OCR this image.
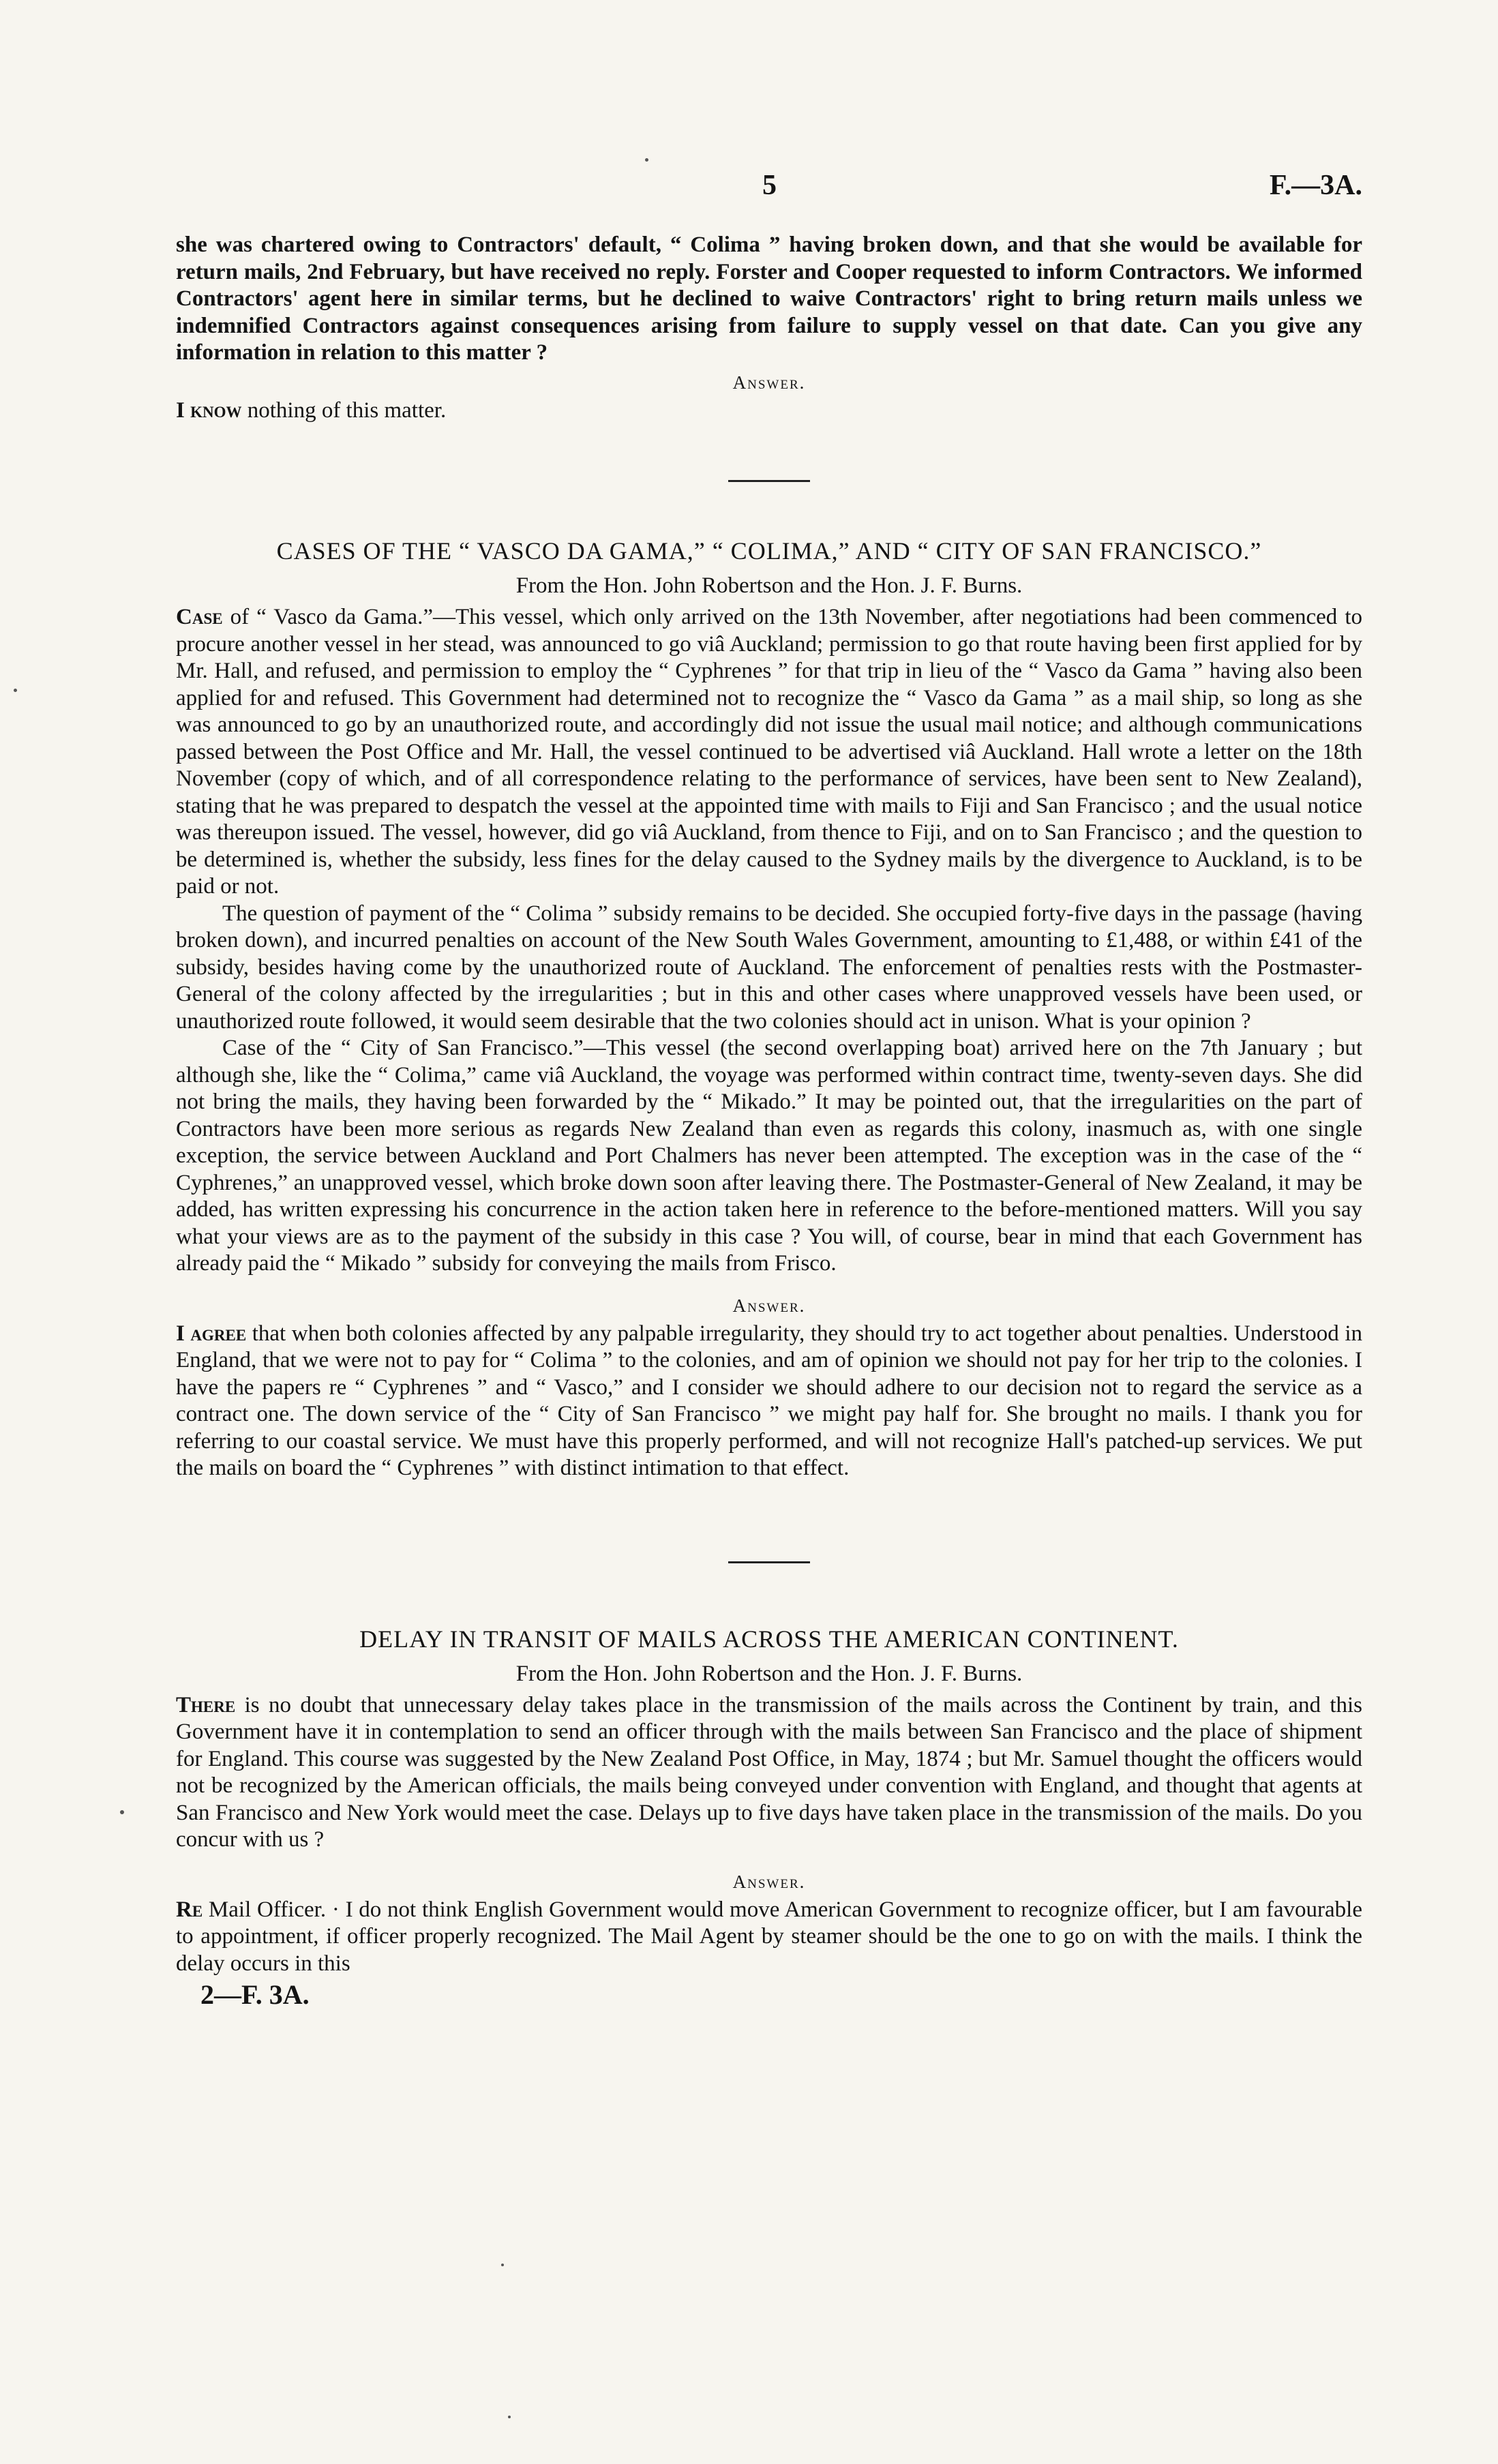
5	F.—3A.

she was chartered owing to Contractors' default, “ Colima ” having broken down, and that she would be available for return mails, 2nd February, but have received no reply. Forster and Cooper requested to inform Contractors. We informed Contractors' agent here in similar terms, but he declined to waive Contractors' right to bring return mails unless we indemnified Contractors against consequences arising from failure to supply vessel on that date. Can you give any information in relation to this matter ?

Answer.

I know nothing of this matter.

CASES OF THE “ VASCO DA GAMA,” “ COLIMA,” AND “ CITY OF SAN FRANCISCO.”
From the Hon. John Robertson and the Hon. J. F. Burns.

Case of “ Vasco da Gama.”—This vessel, which only arrived on the 13th November, after negotiations had been commenced to procure another vessel in her stead, was announced to go viâ Auckland; permission to go that route having been first applied for by Mr. Hall, and refused, and permission to employ the “ Cyphrenes ” for that trip in lieu of the “ Vasco da Gama ” having also been applied for and refused. This Government had determined not to recognize the “ Vasco da Gama ” as a mail ship, so long as she was announced to go by an unauthorized route, and accordingly did not issue the usual mail notice; and although communications passed between the Post Office and Mr. Hall, the vessel continued to be advertised viâ Auckland. Hall wrote a letter on the 18th November (copy of which, and of all correspondence relating to the performance of services, have been sent to New Zealand), stating that he was prepared to despatch the vessel at the appointed time with mails to Fiji and San Francisco ; and the usual notice was thereupon issued. The vessel, however, did go viâ Auckland, from thence to Fiji, and on to San Francisco ; and the question to be determined is, whether the subsidy, less fines for the delay caused to the Sydney mails by the divergence to Auckland, is to be paid or not.

The question of payment of the “ Colima ” subsidy remains to be decided. She occupied forty-five days in the passage (having broken down), and incurred penalties on account of the New South Wales Government, amounting to £1,488, or within £41 of the subsidy, besides having come by the unauthorized route of Auckland. The enforcement of penalties rests with the Postmaster-General of the colony affected by the irregularities ; but in this and other cases where unapproved vessels have been used, or unauthorized route followed, it would seem desirable that the two colonies should act in unison. What is your opinion ?

Case of the “ City of San Francisco.”—This vessel (the second overlapping boat) arrived here on the 7th January ; but although she, like the “ Colima,” came viâ Auckland, the voyage was performed within contract time, twenty-seven days. She did not bring the mails, they having been forwarded by the “ Mikado.” It may be pointed out, that the irregularities on the part of Contractors have been more serious as regards New Zealand than even as regards this colony, inasmuch as, with one single exception, the service between Auckland and Port Chalmers has never been attempted. The exception was in the case of the “ Cyphrenes,” an unapproved vessel, which broke down soon after leaving there. The Postmaster-General of New Zealand, it may be added, has written expressing his concurrence in the action taken here in reference to the before-mentioned matters. Will you say what your views are as to the payment of the subsidy in this case ? You will, of course, bear in mind that each Government has already paid the “ Mikado ” subsidy for conveying the mails from Frisco.

Answer.

I agree that when both colonies affected by any palpable irregularity, they should try to act together about penalties. Understood in England, that we were not to pay for “ Colima ” to the colonies, and am of opinion we should not pay for her trip to the colonies. I have the papers re “ Cyphrenes ” and “ Vasco,” and I consider we should adhere to our decision not to regard the service as a contract one. The down service of the “ City of San Francisco ” we might pay half for. She brought no mails. I thank you for referring to our coastal service. We must have this properly performed, and will not recognize Hall's patched-up services. We put the mails on board the “ Cyphrenes ” with distinct intimation to that effect.

DELAY IN TRANSIT OF MAILS ACROSS THE AMERICAN CONTINENT.
From the Hon. John Robertson and the Hon. J. F. Burns.

There is no doubt that unnecessary delay takes place in the transmission of the mails across the Continent by train, and this Government have it in contemplation to send an officer through with the mails between San Francisco and the place of shipment for England. This course was suggested by the New Zealand Post Office, in May, 1874 ; but Mr. Samuel thought the officers would not be recognized by the American officials, the mails being conveyed under convention with England, and thought that agents at San Francisco and New York would meet the case. Delays up to five days have taken place in the transmission of the mails. Do you concur with us ?

Answer.

Re Mail Officer. · I do not think English Government would move American Government to recognize officer, but I am favourable to appointment, if officer properly recognized. The Mail Agent by steamer should be the one to go on with the mails. I think the delay occurs in this

2—F. 3A.
